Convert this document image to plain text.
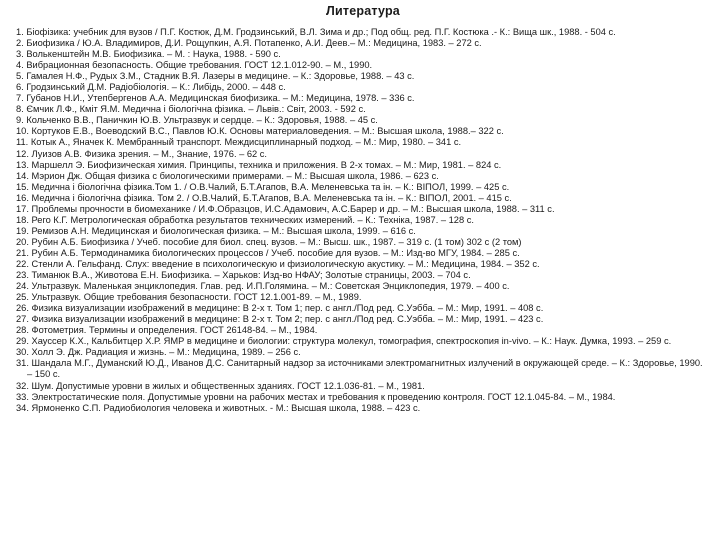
Литература
1. Біофізика: учебник для вузов / П.Г. Костюк, Д.М. Гродзинський, В.Л. Зима и др.; Под общ. ред. П.Г. Костюка .- К.: Вища шк., 1988. - 504 с.
2. Биофизика / Ю.А. Владимиров, Д.И. Рощупкин, А.Я. Потапенко, А.И. Деев.– М.: Медицина, 1983. – 272 с.
3. Волькенштейн М.В. Биофизика. – М. : Наука, 1988. - 590 с.
4. Вибрационная безопасность. Общие требования. ГОСТ 12.1.012-90. – М., 1990.
5. Гамалея Н.Ф., Рудых З.М., Стадник В.Я. Лазеры в медицине. – К.: Здоровье, 1988. – 43 с.
6. Гродзинський Д.М. Радіобіологія. – К.: Либідь, 2000. – 448 с.
7. Губанов Н.И., Утепбергенов А.А. Медицинская биофизика. – М.: Медицина, 1978. – 336 с.
8. Ємчик Л.Ф., Кміт Я.М. Медична і біологічна фізика. – Львів.: Світ, 2003. - 592 с.
9. Кольченко В.В., Паничкин Ю.В. Ультразвук и сердце. – К.: Здоровья, 1988. – 45 с.
10. Кортуков Е.В., Воеводский В.С., Павлов Ю.К. Основы материаловедения. – М.: Высшая школа, 1988.– 322 с.
11. Котык А., Яначек К. Мембранный транспорт. Междисциплинарный подход. – М.: Мир, 1980. – 341 с.
12. Луизов А.В. Физика зрения. – М., Знание, 1976. – 62 с.
13. Маршелл Э. Биофизическая химия. Принципы, техника и приложения. В 2-х томах. – М.: Мир, 1981. – 824 с.
14. Мэрион Дж. Общая физика с биологическими примерами. – М.: Высшая школа, 1986. – 623 с.
15. Медична і біологічна фізика.Том 1. / О.В.Чалий, Б.Т.Агапов, В.А. Меленевська та ін. – К.: ВІПОЛ, 1999. – 425 с.
16. Медична і біологічна фізика. Том 2. / О.В.Чалий, Б.Т.Агапов, В.А. Меленевська та ін. – К.: ВІПОЛ, 2001. – 415 с.
17. Проблемы прочности в биомеханике / И.Ф.Образцов, И.С.Адамович, А.С.Барер и др. – М.: Высшая школа, 1988. – 311 с.
18. Рего К.Г. Метрологическая обработка результатов технических измерений. – К.: Техніка, 1987. – 128 с.
19. Ремизов А.Н. Медицинская и биологическая физика. – М.: Высшая школа, 1999. – 616 с.
20. Рубин А.Б. Биофизика / Учеб. пособие для биол. спец. вузов. – М.: Высш. шк., 1987. – 319 с. (1 том) 302 с (2 том)
21. Рубин А.Б. Термодинамика биологических процессов / Учеб. пособие для вузов. – М.: Изд-во МГУ, 1984. – 285 с.
22. Стенли А. Гельфанд. Слух: введение в психологическую и физиологическую акустику. – М.: Медицина, 1984. – 352 с.
23. Тиманюк В.А., Животова Е.Н. Биофизика. – Харьков: Изд-во НФАУ; Золотые страницы, 2003. – 704 с.
24. Ультразвук. Маленькая энциклопедия. Глав. ред. И.П.Голямина. – М.: Советская Энциклопедия, 1979. – 400 с.
25. Ультразвук. Общие требования безопасности. ГОСТ 12.1.001-89. – М., 1989.
26. Физика визуализации изображений в медицине: В 2-х т. Том 1; пер. с англ./Под ред. С.Уэбба. – М.: Мир, 1991. – 408 с.
27. Физика визуализации изображений в медицине: В 2-х т. Том 2; пер. с англ./Под ред. С.Уэбба. – М.: Мир, 1991. – 423 с.
28. Фотометрия. Термины и определения. ГОСТ 26148-84. – М., 1984.
29. Хауссер К.Х., Кальбитцер Х.Р. ЯМР в медицине и биологии: структура молекул, томография, спектроскопия in-vivo. – К.: Наук. Думка, 1993. – 259 с.
30. Холл Э. Дж. Радиация и жизнь. – М.: Медицина, 1989. – 256 с.
31. Шандала М.Г., Думанский Ю.Д., Иванов Д.С. Санитарный надзор за источниками электромагнитных излучений в окружающей среде. – К.: Здоровье, 1990. – 150 с.
32. Шум. Допустимые уровни в жилых и общественных зданиях. ГОСТ 12.1.036-81. – М., 1981.
33. Электростатические поля. Допустимые уровни на рабочих местах и требования к проведению контроля. ГОСТ 12.1.045-84. – М., 1984.
34. Ярмоненко С.П. Радиобиология человека и животных. - М.: Высшая школа, 1988. – 423 с.
